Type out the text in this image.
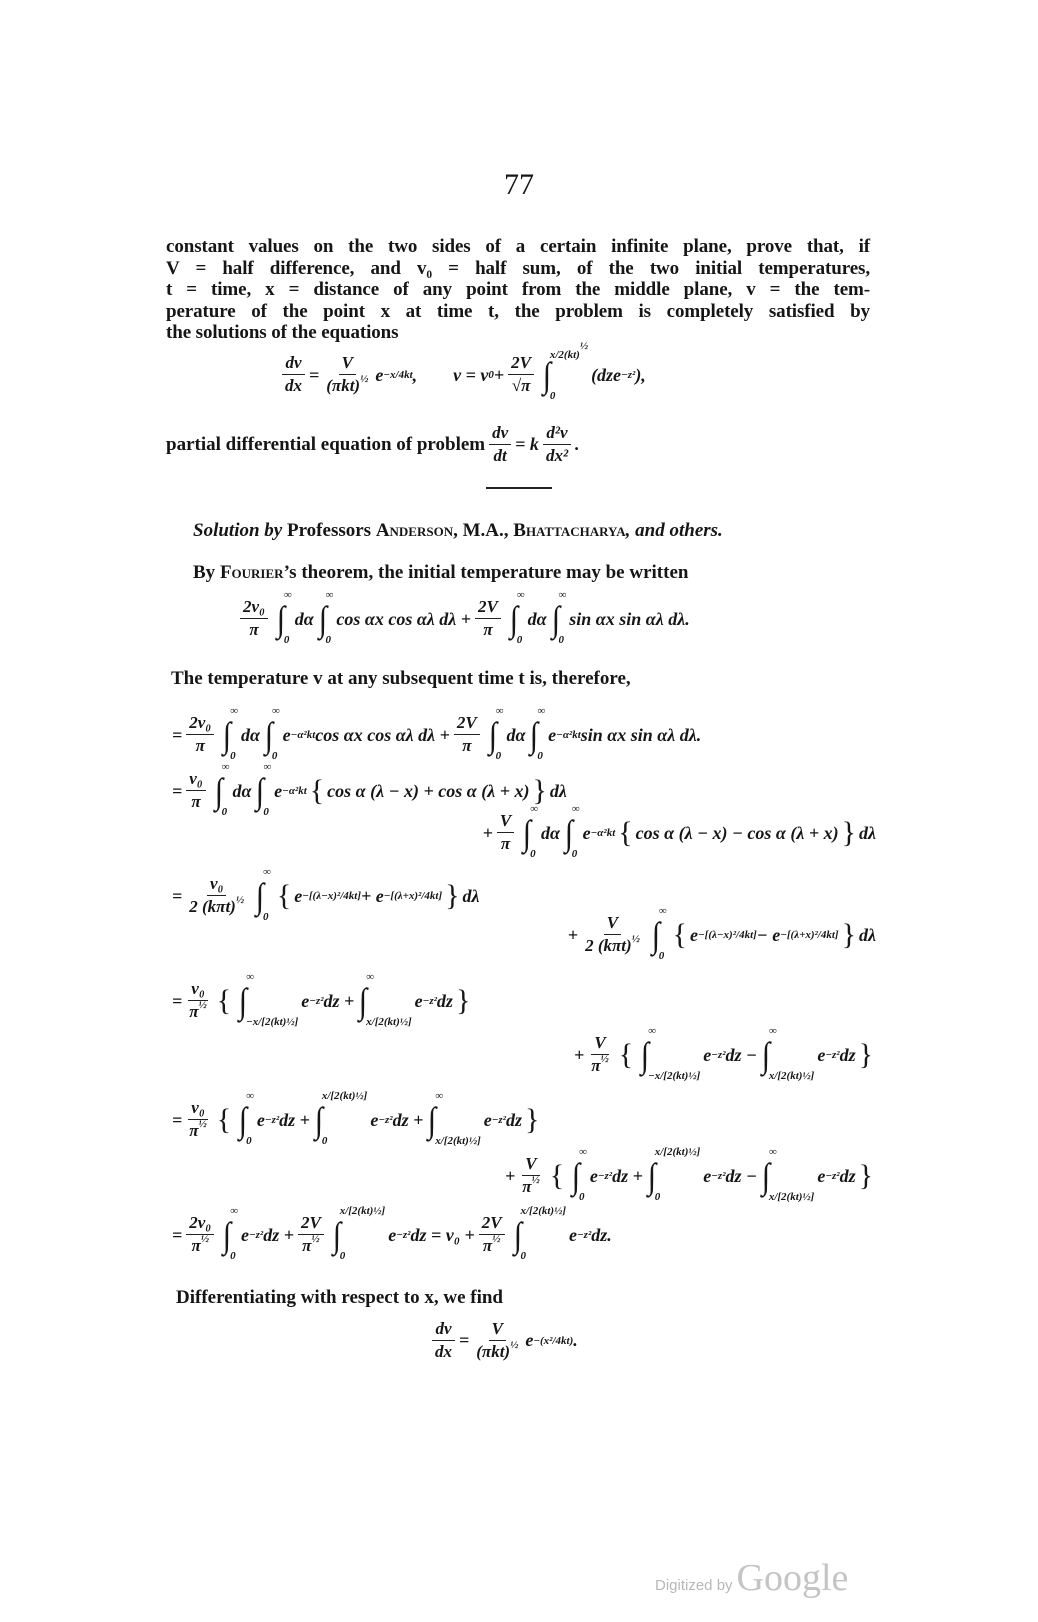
77
constant values on the two sides of a certain infinite plane, prove that, if
V = half difference, and v₀ = half sum, of the two initial temperatures,
t = time, x = distance of any point from the middle plane, v = the tem-
perature of the point x at time t, the problem is completely satisfied by
the solutions of the equations
$\frac{dv}{dx} = \frac{V}{(\pi kt)^{\frac{1}{2}}}$ e −x/4kt ,  v = v $0 + \frac{2V}{√\pi}$ ∫
x/2(kt)$^{\frac{1}{2}}$
0
(dze −z² ),
partial differential equation of problem $\frac{dv}{dt} = k \frac{\text{d²v}}{\text{dx²}}$ .
Solution by Professors Anderson, M.A., Bhattacharya, and others.
By Fourier’s theorem, the initial temperature may be written
$\frac{\text{2v₀}}{\pi}$ ∫
∞
0
dα ∫
∞
0
cos αx cos αλ $d\lambda + \frac{2V}{\pi}$ ∫
∞
0
dα ∫
∞
0
sin αx sin αλ dλ.
The temperature v at any subsequent time t is, therefore,
= $\frac{\text{2v₀}}{\pi}$ ∫
∞
0
dα ∫
∞
0
e −α²kt cos αx cos αλ $d\lambda + \frac{2V}{\pi}$ ∫
∞
0
dα ∫
∞
0
e −α²kt sin αx sin αλ dλ.
= $\frac{\text{v₀}}{\pi}$ ∫
∞
0
dα ∫
∞
0
e −α²kt { cos α (λ − x) + cos α (λ + x) } dλ
+ $\frac{V}{\pi}$ ∫
∞
0
dα ∫
∞
0
e −α²kt { cos α (λ − x) − cos α (λ + x) } dλ
= $\frac{\text{v₀}}{2 (k\pi t)^{\frac{1}{2}}}$ ∫
∞
0
{ e −[(λ−x)²/4kt] + e −[(λ+x)²/4kt] } dλ
+ $\frac{V}{2 (k\pi t)^{\frac{1}{2}}}$ ∫
∞
0
{ e −[(λ−x)²/4kt] − e −[(λ+x)²/4kt] } dλ
= $\frac{\text{v₀}}{\pi^{\frac{1}{2}}}$ { ∫
∞
−x/[2(kt)½]
e −z² dz + ∫
∞
x/[2(kt)½]
e −z² dz }
+ $\frac{V}{\pi^{\frac{1}{2}}}$ { ∫
∞
−x/[2(kt)½]
e −z² dz − ∫
∞
x/[2(kt)½]
e −z² dz }
= $\frac{\text{v₀}}{\pi^{\frac{1}{2}}}$ { ∫
∞
0
e −z² dz + ∫
x/[2(kt)½]
0
e −z² dz + ∫
∞
x/[2(kt)½]
e −z² dz }
+ $\frac{V}{\pi^{\frac{1}{2}}}$ { ∫
∞
0
e −z² dz + ∫
x/[2(kt)½]
0
e −z² dz − ∫
∞
x/[2(kt)½]
e −z² dz }
= $\frac{\text{2v₀}}{\pi^{\frac{1}{2}}}$ ∫
∞
0
e −z² dz + $\frac{2V}{\pi^{\frac{1}{2}}}$ ∫
x/[2(kt)½]
0
e −z² dz = $v_0 + \frac{2V}{\pi^{\frac{1}{2}}}$ ∫
x/[2(kt)½]
0
e −z² dz.
Differentiating with respect to x, we find
$\frac{dv}{dx} = \frac{V}{(\pi kt)^{\frac{1}{2}}}$ e −(x²/4kt) .
Digitized by Google
